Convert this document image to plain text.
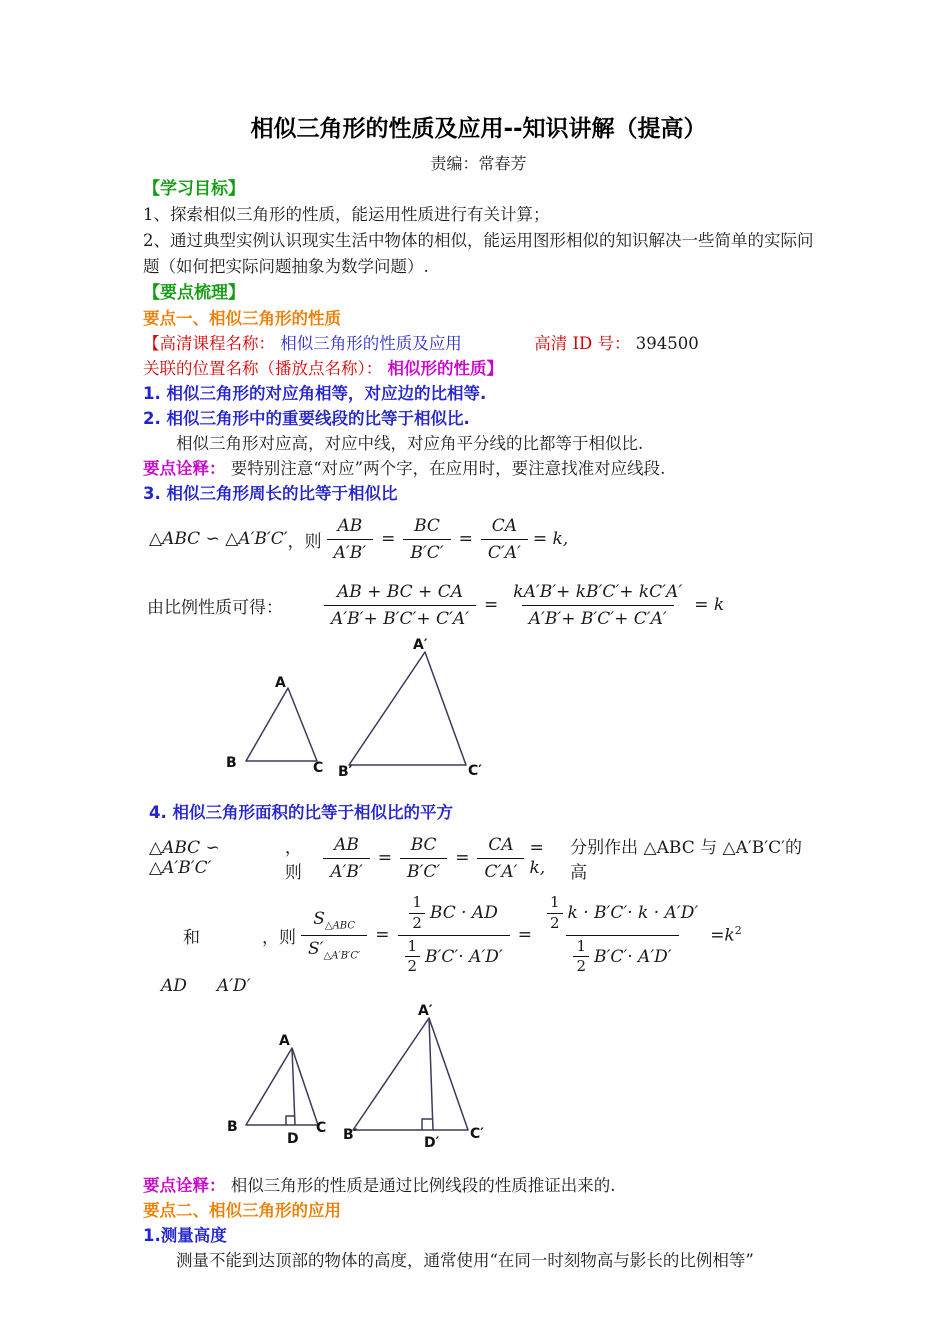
相似三角形的性质及应用--知识讲解（提高）
责编：常春芳
【学习目标】
1、探索相似三角形的性质，能运用性质进行有关计算；
2、通过典型实例认识现实生活中物体的相似，能运用图形相似的知识解决一些简单的实际问题（如何把实际问题抽象为数学问题）.
【要点梳理】
要点一、相似三角形的性质
【高清课程名称： 相似三角形的性质及应用	高清 ID 号： 394500
关联的位置名称（播放点名称）： 相似形的性质】
1. 相似三角形的对应角相等，对应边的比相等.
2. 相似三角形中的重要线段的比等于相似比.
相似三角形对应高，对应中线，对应角平分线的比都等于相似比.
要点诠释： 要特别注意“对应”两个字，在应用时，要注意找准对应线段.
3. 相似三角形周长的比等于相似比
△ABC ∽ △A′B′C′ ，则 $\frac{AB}{A'B'} = \frac{BC}{B'C'} = \frac{CA}{C'A'} = k$,
由比例性质可得： $\frac{AB + BC + CA}{A'B'+ B'C'+ C'A'} = \frac{kA'B'+ kB'C'+ kC'A'}{A'B'+ B'C'+ C'A'} = k$
A
B	C
A′
B′	C′
4. 相似三角形面积的比等于相似比的平方
△ABC ∽ △A′B′C′
，则	$\frac{AB}{A'B'} = \frac{BC}{B'C'} = \frac{CA}{C'A'} = k$,
分别作出 △ABC 与 △A′B′C′的高
和	，则 $\frac{S_{\triangle ABC}}{S'_{\triangle A'B'C'}} = 1$
2 BC · AD
1
2 B′C′· A′D′ = 1
2 k · B′C′· k · A′D′
1
2 $B'C'\cdot A'D' =k^2$
AD A′D′
A
B	C
D
A′
B′	C′
D′
要点诠释： 相似三角形的性质是通过比例线段的性质推证出来的.
要点二、相似三角形的应用
1.测量高度
测量不能到达顶部的物体的高度，通常使用“在同一时刻物高与影长的比例相等”
